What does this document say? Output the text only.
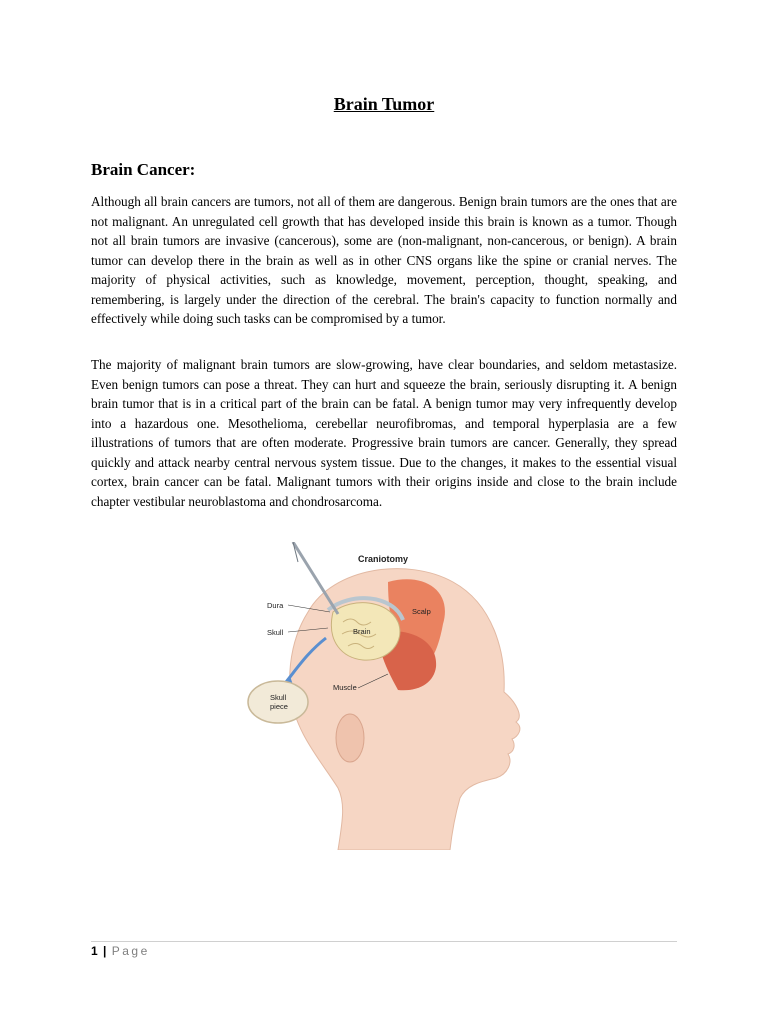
Brain Tumor
Brain Cancer:

Although all brain cancers are tumors, not all of them are dangerous. Benign brain tumors are the ones that are not malignant. An unregulated cell growth that has developed inside this brain is known as a tumor. Though not all brain tumors are invasive (cancerous), some are (non-malignant, non-cancerous, or benign). A brain tumor can develop there in the brain as well as in other CNS organs like the spine or cranial nerves. The majority of physical activities, such as knowledge, movement, perception, thought, speaking, and remembering, is largely under the direction of the cerebral. The brain's capacity to function normally and effectively while doing such tasks can be compromised by a tumor.

The majority of malignant brain tumors are slow-growing, have clear boundaries, and seldom metastasize. Even benign tumors can pose a threat. They can hurt and squeeze the brain, seriously disrupting it. A benign brain tumor that is in a critical part of the brain can be fatal. A benign tumor may very infrequently develop into a hazardous one. Mesothelioma, cerebellar neurofibromas, and temporal hyperplasia are a few illustrations of tumors that are often moderate. Progressive brain tumors are cancer. Generally, they spread quickly and attack nearby central nervous system tissue. Due to the changes, it makes to the essential visual cortex, brain cancer can be fatal. Malignant tumors with their origins inside and close to the brain include chapter vestibular neuroblastoma and chondrosarcoma.

Craniotomy
Dura
Skull	Brain
Scalp
Muscle
Skull
piece
1 | Page
